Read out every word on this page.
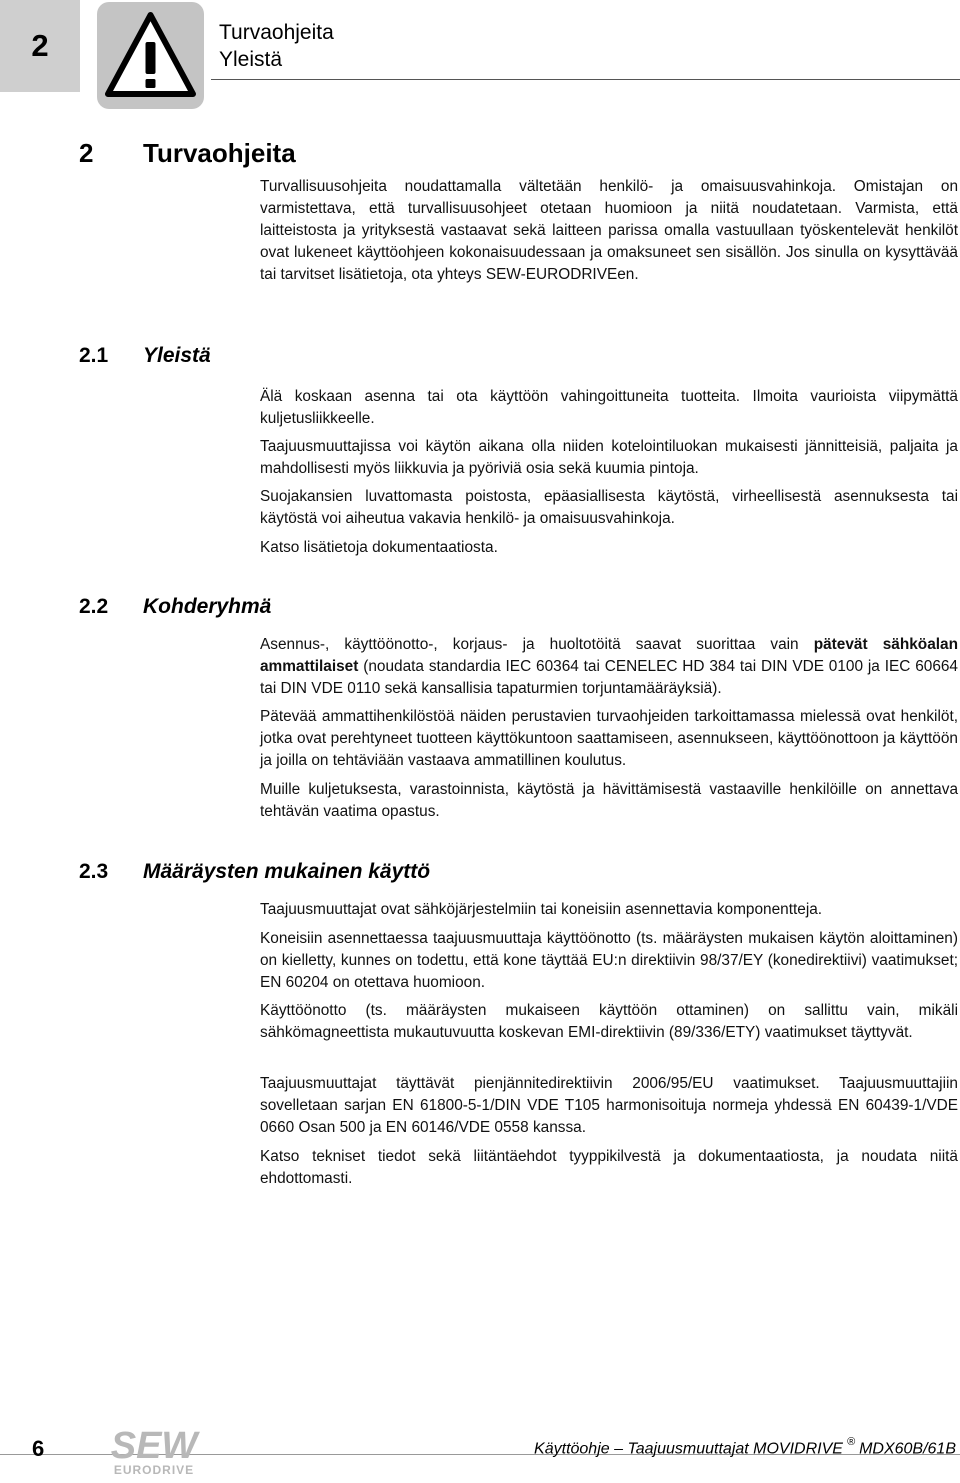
2	Turvaohjeita
Yleistä
2 Turvaohjeita

Turvallisuusohjeita noudattamalla vältetään henkilö- ja omaisuusvahinkoja. Omistajan on varmistettava, että turvallisuusohjeet otetaan huomioon ja niitä noudatetaan. Varmista, että laitteistosta ja yrityksestä vastaavat sekä laitteen parissa omalla vastuullaan työskentelevät henkilöt ovat lukeneet käyttöohjeen kokonaisuudessaan ja omaksuneet sen sisällön. Jos sinulla on kysyttävää tai tarvitset lisätietoja, ota yhteys SEW-EURODRIVEen.

2.1 Yleistä

Älä koskaan asenna tai ota käyttöön vahingoittuneita tuotteita. Ilmoita vaurioista viipymättä kuljetusliikkeelle.

Taajuusmuuttajissa voi käytön aikana olla niiden kotelointiluokan mukaisesti jännitteisiä, paljaita ja mahdollisesti myös liikkuvia ja pyöriviä osia sekä kuumia pintoja.

Suojakansien luvattomasta poistosta, epäasiallisesta käytöstä, virheellisestä asennuksesta tai käytöstä voi aiheutua vakavia henkilö- ja omaisuusvahinkoja.

Katso lisätietoja dokumentaatiosta.

2.2 Kohderyhmä

Asennus-, käyttöönotto-, korjaus- ja huoltotöitä saavat suorittaa vain pätevät sähköalan ammattilaiset (noudata standardia IEC 60364 tai CENELEC HD 384 tai DIN VDE 0100 ja IEC 60664 tai DIN VDE 0110 sekä kansallisia tapaturmien torjuntamääräyksiä).

Pätevää ammattihenkilöstöä näiden perustavien turvaohjeiden tarkoittamassa mielessä ovat henkilöt, jotka ovat perehtyneet tuotteen käyttökuntoon saattamiseen, asennukseen, käyttöönottoon ja käyttöön ja joilla on tehtäviään vastaava ammatillinen koulutus.

Muille kuljetuksesta, varastoinnista, käytöstä ja hävittämisestä vastaaville henkilöille on annettava tehtävän vaatima opastus.

2.3 Määräysten mukainen käyttö

Taajuusmuuttajat ovat sähköjärjestelmiin tai koneisiin asennettavia komponentteja.

Koneisiin asennettaessa taajuusmuuttaja käyttöönotto (ts. määräysten mukaisen käytön aloittaminen) on kielletty, kunnes on todettu, että kone täyttää EU:n direktiivin 98/37/EY (konedirektiivi) vaatimukset; EN 60204 on otettava huomioon.

Käyttöönotto (ts. määräysten mukaiseen käyttöön ottaminen) on sallittu vain, mikäli sähkömagneettista mukautuvuutta koskevan EMI-direktiivin (89/336/ETY) vaatimukset täyttyvät.

Taajuusmuuttajat täyttävät pienjännitedirektiivin 2006/95/EU vaatimukset. Taajuusmuuttajiin sovelletaan sarjan EN 61800-5-1/DIN VDE T105 harmonisoituja normeja yhdessä EN 60439-1/VDE 0660 Osan 500 ja EN 60146/VDE 0558 kanssa.

Katso tekniset tiedot sekä liitäntäehdot tyyppikilvestä ja dokumentaatiosta, ja noudata niitä ehdottomasti.

6 SEW
EURODRIVE
Käyttöohje – Taajuusmuuttajat MOVIDRIVE ® MDX60B/61B
